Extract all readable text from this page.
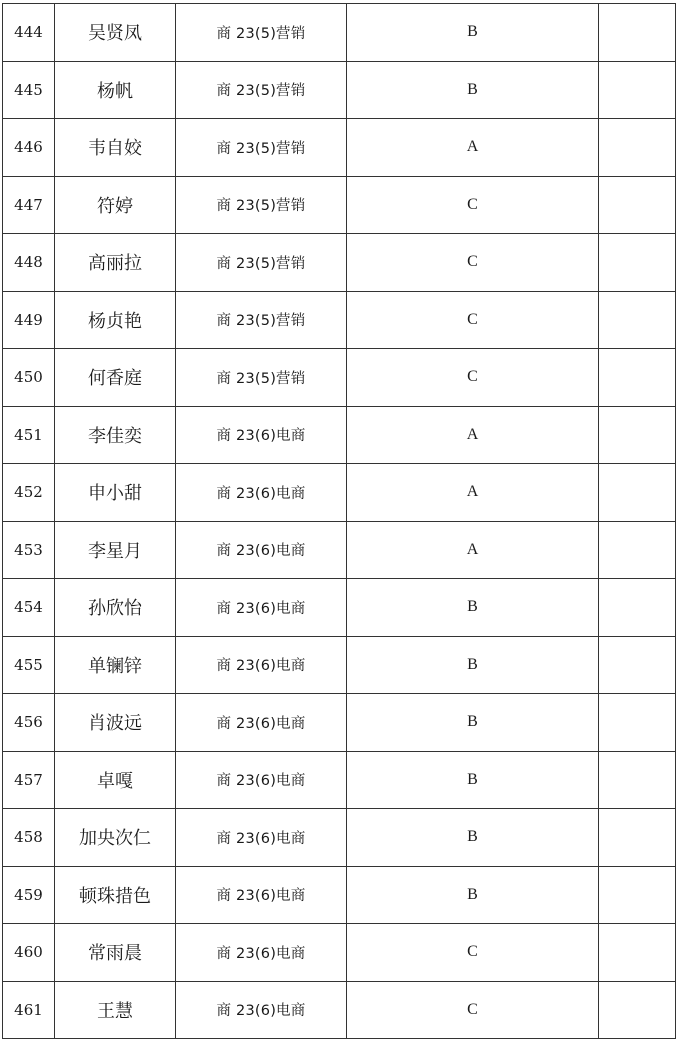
444	吴贤凤	商 23(5)营销	B	
445	杨帆	商 23(5)营销	B	
446	韦自姣	商 23(5)营销	A	
447	符婷	商 23(5)营销	C	
448	高丽拉	商 23(5)营销	C	
449	杨贞艳	商 23(5)营销	C	
450	何香庭	商 23(5)营销	C	
451	李佳奕	商 23(6)电商	A	
452	申小甜	商 23(6)电商	A	
453	李星月	商 23(6)电商	A	
454	孙欣怡	商 23(6)电商	B	
455	单镧锌	商 23(6)电商	B	
456	肖波远	商 23(6)电商	B	
457	卓嘎	商 23(6)电商	B	
458	加央次仁	商 23(6)电商	B	
459	顿珠措色	商 23(6)电商	B	
460	常雨晨	商 23(6)电商	C	
461	王慧	商 23(6)电商	C	
